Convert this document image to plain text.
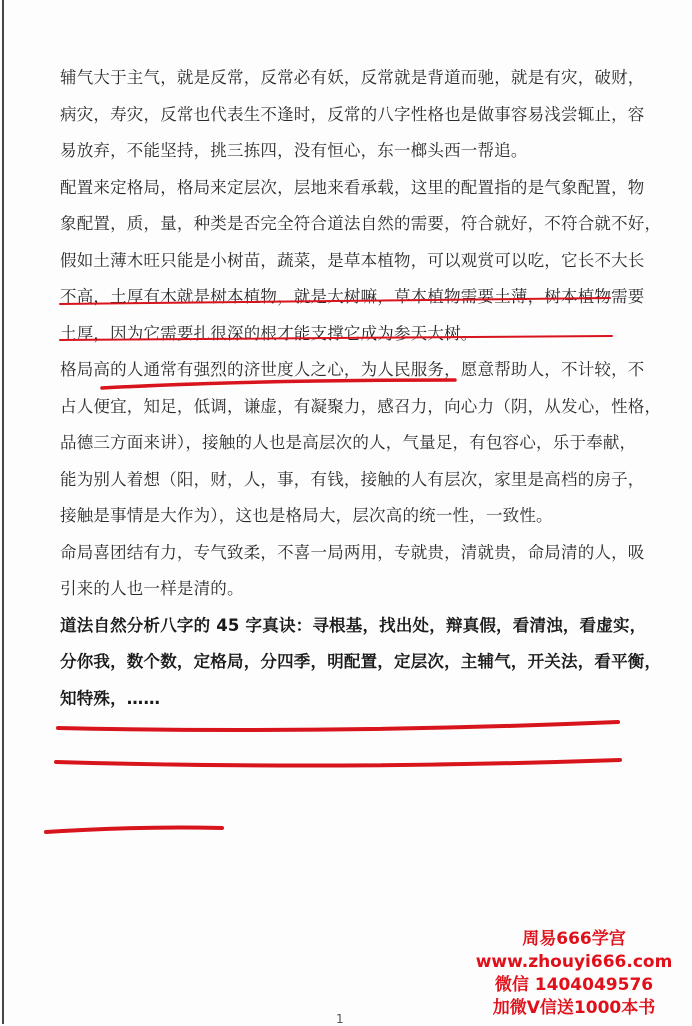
辅气大于主气，就是反常，反常必有妖，反常就是背道而驰，就是有灾，破财，
病灾，寿灾，反常也代表生不逢时，反常的八字性格也是做事容易浅尝辄止，容
易放弃，不能坚持，挑三拣四，没有恒心，东一榔头西一帮追。
配置来定格局，格局来定层次，层地来看承载，这里的配置指的是气象配置，物
象配置，质，量，种类是否完全符合道法自然的需要，符合就好，不符合就不好，
假如土薄木旺只能是小树苗，蔬菜，是草本植物，可以观赏可以吃，它长不大长
不高，土厚有木就是树本植物，就是大树嘛，草本植物需要土薄，树本植物需要
土厚，因为它需要扎很深的根才能支撑它成为参天大树。
格局高的人通常有强烈的济世度人之心，为人民服务，愿意帮助人，不计较，不
占人便宜，知足，低调，谦虚，有凝聚力，感召力，向心力（阴，从发心，性格，
品德三方面来讲），接触的人也是高层次的人，气量足，有包容心，乐于奉献，
能为别人着想（阳，财，人，事，有钱，接触的人有层次，家里是高档的房子，
接触是事情是大作为），这也是格局大，层次高的统一性，一致性。
命局喜团结有力，专气致柔，不喜一局两用，专就贵，清就贵，命局清的人，吸
引来的人也一样是清的。
道法自然分析八字的 45 字真诀：寻根基，找出处，辩真假，看清浊，看虚实，
分你我，数个数，定格局，分四季，明配置，定层次，主辅气，开关法，看平衡，
知特殊，……
周易666学宫
www.zhouyi666.com
微信 1404049576
加微V信送1000本书
1
